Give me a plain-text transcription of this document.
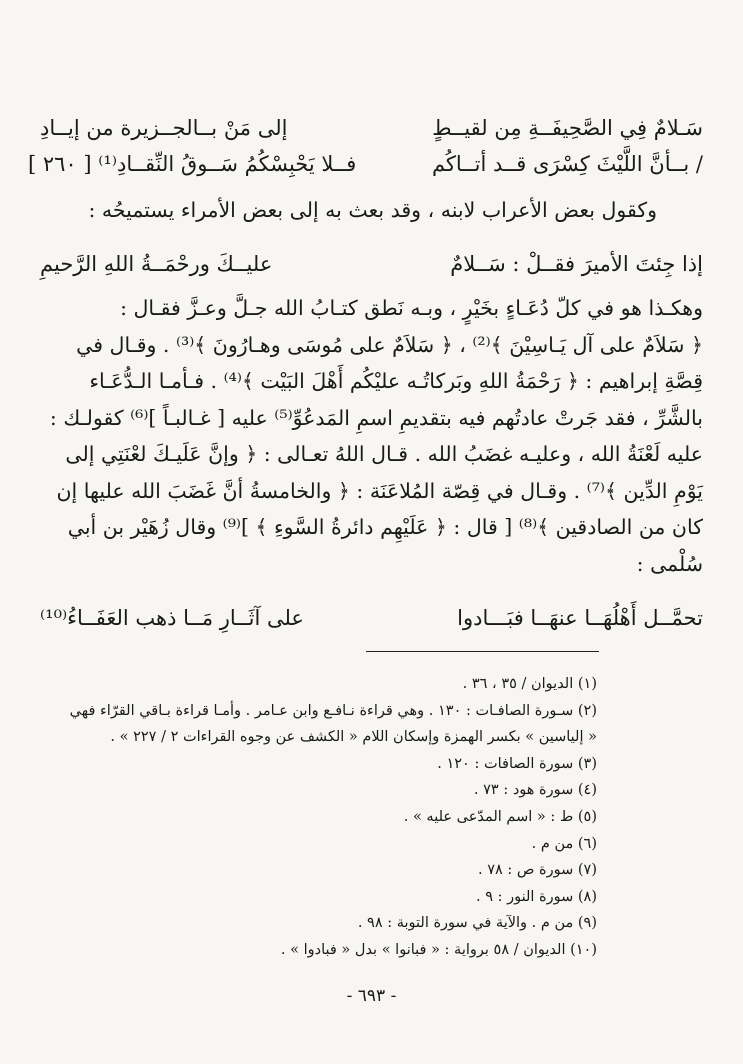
سَـلامٌ فِي الصَّحِيفَــةِ مِن لقيــطٍ
إلى مَنْ بــالجــزيرة من إيــادِ
/ بــأنَّ اللَّيْثَ كِسْرَى قــد أتــاكُم
فــلا يَحْبِسْكُمُ سَــوقُ النِّقــادِ⁽¹⁾ [ ٢٦٠ ]
وكقول بعض الأعراب لابنه ، وقد بعث به إلى بعض الأمراء يستميحُه :
إذا جِئتَ الأميرَ فقــلْ : سَــلامٌ
عليــكَ ورحْمَــةُ اللهِ الرَّحيمِ
وهكـذا هو في كلّ دُعَـاءٍ بخَيْرٍ ، وبـه نَطق كتـابُ الله جـلَّ وعـزَّ فقـال :
﴿ سَلاَمٌ على آل يَـاسِيْنَ ﴾⁽²⁾ ، ﴿ سَلاَمٌ على مُوسَى وهـارُونَ ﴾⁽³⁾ . وقـال في
قِصَّةِ إبراهيم : ﴿ رَحْمَةُ اللهِ وبَركاتُـه عليْكُم أَهْلَ البَيْت ﴾⁽⁴⁾ . فـأمـا الـدُّعَـاء
بالشَّرِّ ، فقد جَرتْ عادتُهم فيه بتقديمِ اسمِ المَدعُوِّ⁽⁵⁾ عليه [ غـالبـاً ]⁽⁶⁾ كقولـك :
عليه لَعْنَةُ الله ، وعليـه غضَبُ الله . قـال اللهُ تعـالى : ﴿ وإنَّ عَلَيـكَ لعْنَتِي إلى
يَوْمِ الدِّين ﴾⁽⁷⁾ . وقـال في قِصّة المُلاعَنَة : ﴿ والخامسةُ أنَّ غَضَبَ الله عليها إن
كان من الصادقين ﴾⁽⁸⁾ [ قال : ﴿ عَلَيْهِم دائرةُ السَّوءِ ﴾ ]⁽⁹⁾ وقال زُهَيْر بن أبي
سُلْمى :
تحمَّــل أَهْلُهَــا عنهَــا فبَـــادوا
على آثَــارِ مَــا ذهب العَفَــاءُ⁽¹⁰⁾
(١) الديوان / ٣٥ ، ٣٦ .
(٢) سـورة الصافـات : ١٣٠ . وهي قراءة نـافـع وابن عـامر . وأمـا قراءة بـاقي القرّاء فهي
« إلياسين » بكسر الهمزة وإسكان اللام « الكشف عن وجوه القراءات ٢ / ٢٢٧ » .
(٣) سورة الصافات : ١٢٠ .
(٤) سورة هود : ٧٣ .
(٥) ط : « اسم المدّعى عليه » .
(٦) من م .
(٧) سورة ص : ٧٨ .
(٨) سورة النور : ٩ .
(٩) من م . والآية في سورة التوبة : ٩٨ .
(١٠) الديوان / ٥٨ برواية : « فبانوا » بدل « فبادوا » .
- ٦٩٣ -
